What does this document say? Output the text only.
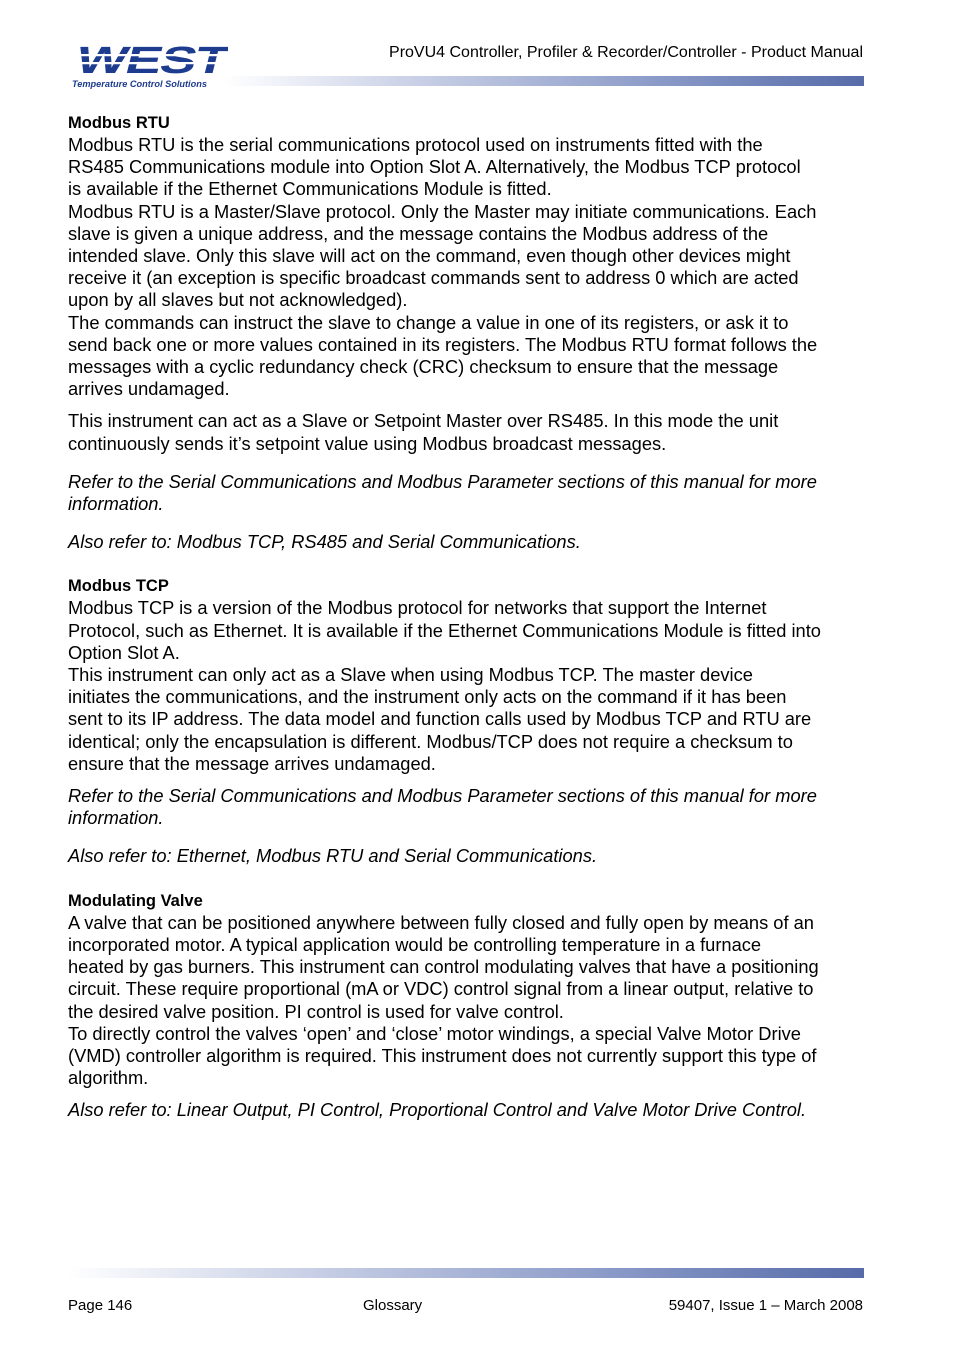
WEST
Temperature Control Solutions
ProVU4 Controller, Profiler & Recorder/Controller - Product Manual
Modbus RTU

Modbus RTU is the serial communications protocol used on instruments fitted with the
RS485 Communications module into Option Slot A. Alternatively, the Modbus TCP protocol
is available if the Ethernet Communications Module is fitted.
Modbus RTU is a Master/Slave protocol. Only the Master may initiate communications. Each
slave is given a unique address, and the message contains the Modbus address of the
intended slave. Only this slave will act on the command, even though other devices might
receive it (an exception is specific broadcast commands sent to address 0 which are acted
upon by all slaves but not acknowledged).
The commands can instruct the slave to change a value in one of its registers, or ask it to
send back one or more values contained in its registers. The Modbus RTU format follows the
messages with a cyclic redundancy check (CRC) checksum to ensure that the message
arrives undamaged.

This instrument can act as a Slave or Setpoint Master over RS485. In this mode the unit
continuously sends it’s setpoint value using Modbus broadcast messages.

Refer to the Serial Communications and Modbus Parameter sections of this manual for more
information.

Also refer to: Modbus TCP, RS485 and Serial Communications.

Modbus TCP

Modbus TCP is a version of the Modbus protocol for networks that support the Internet
Protocol, such as Ethernet. It is available if the Ethernet Communications Module is fitted into
Option Slot A.
This instrument can only act as a Slave when using Modbus TCP. The master device
initiates the communications, and the instrument only acts on the command if it has been
sent to its IP address. The data model and function calls used by Modbus TCP and RTU are
identical; only the encapsulation is different. Modbus/TCP does not require a checksum to
ensure that the message arrives undamaged.

Refer to the Serial Communications and Modbus Parameter sections of this manual for more
information.

Also refer to: Ethernet, Modbus RTU and Serial Communications.

Modulating Valve

A valve that can be positioned anywhere between fully closed and fully open by means of an
incorporated motor. A typical application would be controlling temperature in a furnace
heated by gas burners. This instrument can control modulating valves that have a positioning
circuit. These require proportional (mA or VDC) control signal from a linear output, relative to
the desired valve position. PI control is used for valve control.
To directly control the valves ‘open’ and ‘close’ motor windings, a special Valve Motor Drive
(VMD) controller algorithm is required. This instrument does not currently support this type of
algorithm.

Also refer to: Linear Output, PI Control, Proportional Control and Valve Motor Drive Control.

Page 146	Glossary	59407, Issue 1 – March 2008
